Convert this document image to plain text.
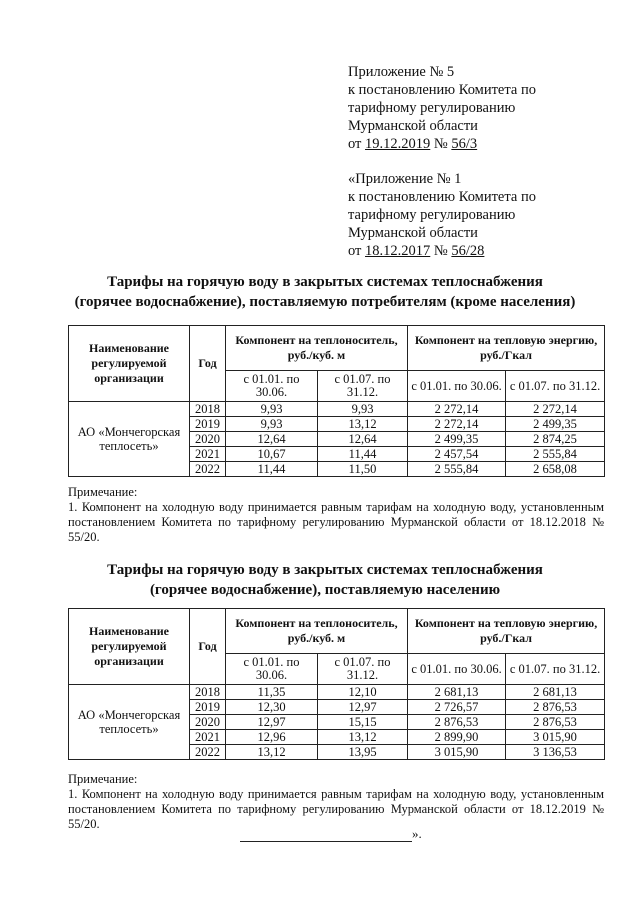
Приложение № 5
к постановлению Комитета по
тарифному регулированию
Мурманской области
от 19.12.2019 № 56/3
«Приложение № 1
к постановлению Комитета по
тарифному регулированию
Мурманской области
от 18.12.2017 № 56/28
Тарифы на горячую воду в закрытых системах теплоснабжения
(горячее водоснабжение), поставляемую потребителям (кроме населения)
Наименование регулируемой организации	Год	Компонент на теплоноситель, руб./куб. м		Компонент на тепловую энергию, руб./Гкал	
		с 01.01. по 30.06.	с 01.07. по 31.12.	с 01.01. по 30.06.	с 01.07. по 31.12.
АО «Мончегорская теплосеть»	2018	9,93	9,93	2 272,14	2 272,14
	2019	9,93	13,12	2 272,14	2 499,35
	2020	12,64	12,64	2 499,35	2 874,25
	2021	10,67	11,44	2 457,54	2 555,84
	2022	11,44	11,50	2 555,84	2 658,08
Примечание:
1. Компонент на холодную воду принимается равным тарифам на холодную воду, установленным постановлением Комитета по тарифному регулированию Мурманской области от 18.12.2018 № 55/20.
Тарифы на горячую воду в закрытых системах теплоснабжения
(горячее водоснабжение), поставляемую населению
Наименование регулируемой организации	Год	Компонент на теплоноситель, руб./куб. м		Компонент на тепловую энергию, руб./Гкал	
		с 01.01. по 30.06.	с 01.07. по 31.12.	с 01.01. по 30.06.	с 01.07. по 31.12.
АО «Мончегорская теплосеть»	2018	11,35	12,10	2 681,13	2 681,13
	2019	12,30	12,97	2 726,57	2 876,53
	2020	12,97	15,15	2 876,53	2 876,53
	2021	12,96	13,12	2 899,90	3 015,90
	2022	13,12	13,95	3 015,90	3 136,53
Примечание:
1. Компонент на холодную воду принимается равным тарифам на холодную воду, установленным постановлением Комитета по тарифному регулированию Мурманской области от 18.12.2019 № 55/20.
».
